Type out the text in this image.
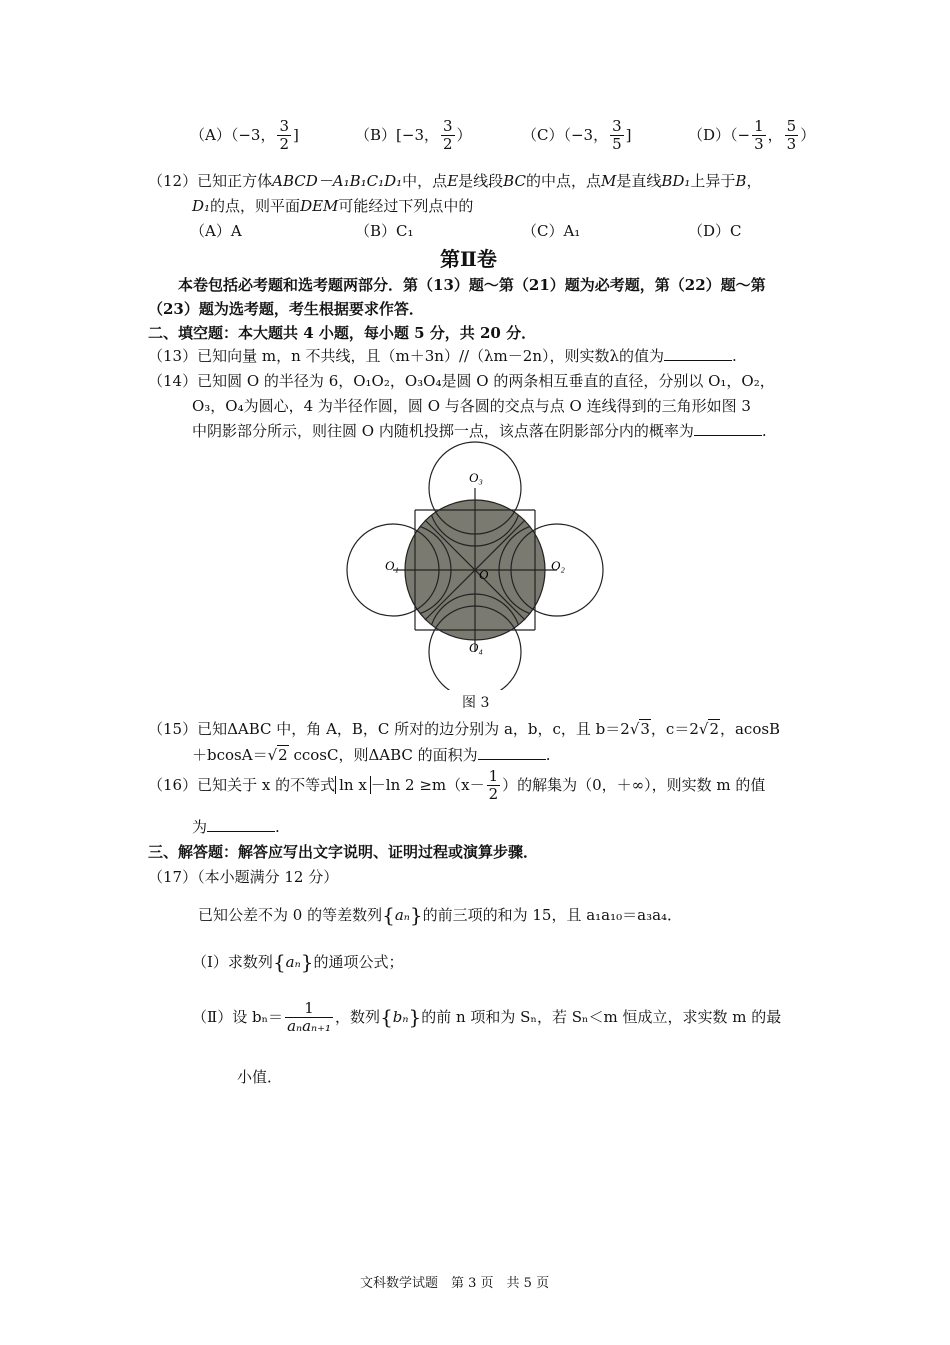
（A）（−3， $\frac{3}{2}$ ]	（B）[−3， $\frac{3}{2}$ ）	（C）（−3， $\frac{3}{5}$ ]	$(D)(- \frac{1}{3}$ ， $\frac{5}{3}$ ）
（12）已知正方体ABCD－A₁B₁C₁D₁中，点E是线段BC的中点，点M是直线BD₁上异于B，
D₁的点，则平面DEM可能经过下列点中的
（A）A	（B）C₁	（C）A₁	（D）C
第Ⅱ卷
本卷包括必考题和选考题两部分．第（13）题～第（21）题为必考题，第（22）题～第
（23）题为选考题，考生根据要求作答．
二、填空题：本大题共 4 小题，每小题 5 分，共 20 分．
（13）已知向量 m，n 不共线，且（m＋3n）//（λm－2n），则实数λ的值为	.
（14）已知圆 O 的半径为 6，O₁O₂，O₃O₄是圆 O 的两条相互垂直的直径，分别以 O₁，O₂，
O₃，O₄为圆心，4 为半径作圆，圆 O 与各圆的交点与点 O 连线得到的三角形如图 3
中阴影部分所示，则往圆 O 内随机投掷一点，该点落在阴影部分内的概率为	.
O
O₁	O₂
O₃
O₄
图 3
（15）已知ΔABC 中，角 A，B，C 所对的边分别为 a，b，c，且 b＝2√3，c＝2√2，acosB
＋bcosA＝√2 ccosC，则ΔABC 的面积为	.
（16）已知关于 x 的不等式 ln x －ln $2 \ge m(x- \frac{1}{2}$ ）的解集为（0，＋∞），则实数 m 的值
为	.
三、解答题：解答应写出文字说明、证明过程或演算步骤．
（17）（本小题满分 12 分）
已知公差不为 0 的等差数列{aₙ}的前三项的和为 15，且 a₁a₁₀＝a₃a₄．
（Ⅰ）求数列{aₙ}的通项公式；
（Ⅱ）设 $b_n= \frac{1}{\text{aₙaₙ₊₁}}$ ，数列{bₙ}的前 n 项和为 Sₙ，若 Sₙ＜m 恒成立，求实数 m 的最
小值．
文科数学试题　第 3 页　共 5 页
